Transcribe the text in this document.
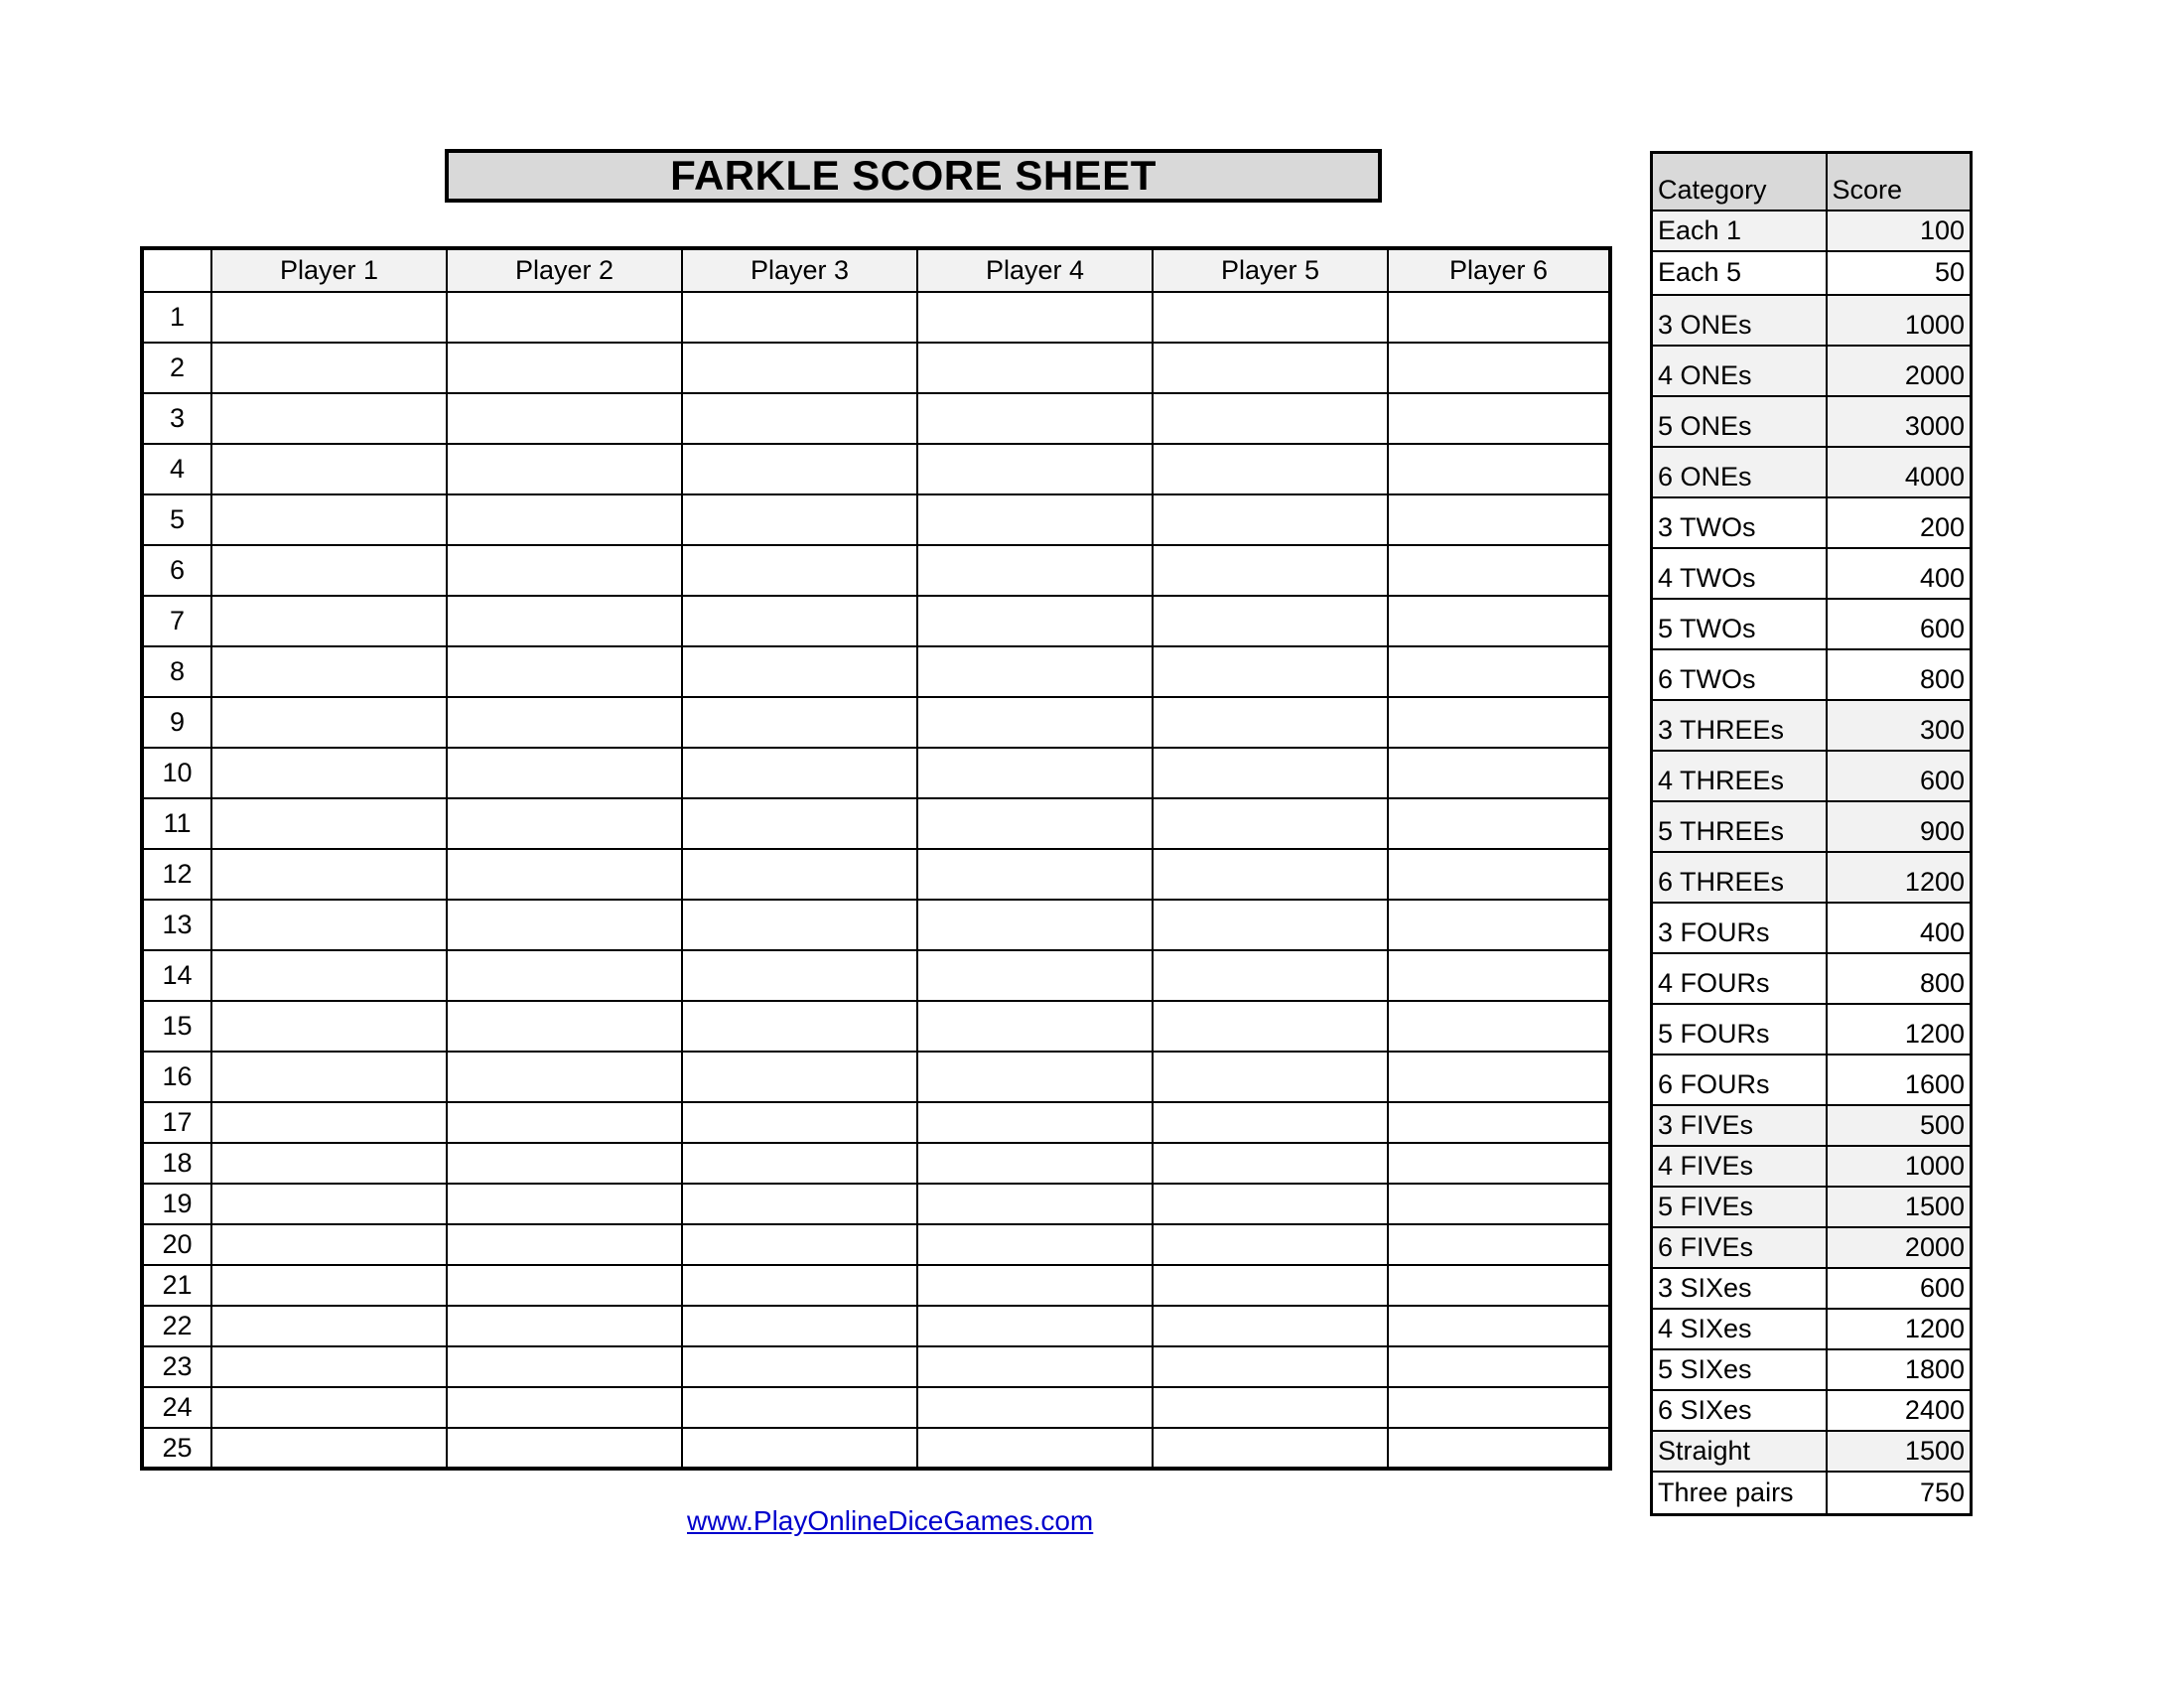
FARKLE SCORE SHEET
	Player 1	Player 2	Player 3	Player 4	Player 5	Player 6
1						
2						
3						
4						
5						
6						
7						
8						
9						
10						
11						
12						
13						
14						
15						
16						
17						
18						
19						
20						
21						
22						
23						
24						
25						
Category	Score
Each 1	100
Each 5	50
3 ONEs	1000
4 ONEs	2000
5 ONEs	3000
6 ONEs	4000
3 TWOs	200
4 TWOs	400
5 TWOs	600
6 TWOs	800
3 THREEs	300
4 THREEs	600
5 THREEs	900
6 THREEs	1200
3 FOURs	400
4 FOURs	800
5 FOURs	1200
6 FOURs	1600
3 FIVEs	500
4 FIVEs	1000
5 FIVEs	1500
6 FIVEs	2000
3 SIXes	600
4 SIXes	1200
5 SIXes	1800
6 SIXes	2400
Straight	1500
Three pairs	750
www.PlayOnlineDiceGames.com
